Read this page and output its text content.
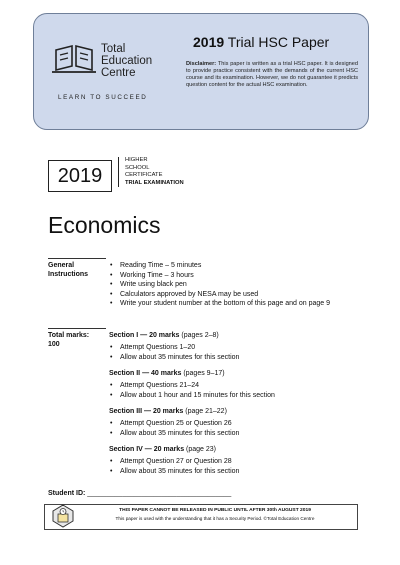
Total
Education
Centre
LEARN TO SUCCEED
2019 Trial HSC Paper
Disclaimer: This paper is written as a trial HSC paper. It is designed to provide practice consistent with the demands of the current HSC course and its examination. However, we do not guarantee it predicts question content for the actual HSC examination.
2019
HIGHER
SCHOOL
CERTIFICATE
TRIAL EXAMINATION
Economics
General
Instructions
• Reading Time – 5 minutes
• Working Time – 3 hours
• Write using black pen
• Calculators approved by NESA may be used
• Write your student number at the bottom of this page and on page 9
Total marks:
100
Section I — 20 marks (pages 2–8)
• Attempt Questions 1–20
• Allow about 35 minutes for this section
Section II — 40 marks (pages 9–17)
• Attempt Questions 21–24
• Allow about 1 hour and 15 minutes for this section
Section III — 20 marks (page 21–22)
• Attempt Question 25 or Question 26
• Allow about 35 minutes for this section
Section IV — 20 marks (page 23)
• Attempt Question 27 or Question 28
• Allow about 35 minutes for this section
Student ID: _____________________________________
THIS PAPER CANNOT BE RELEASED IN PUBLIC UNTIL AFTER 30th AUGUST 2019
This paper is used with the understanding that it has a Security Period. ©Total Education Centre
